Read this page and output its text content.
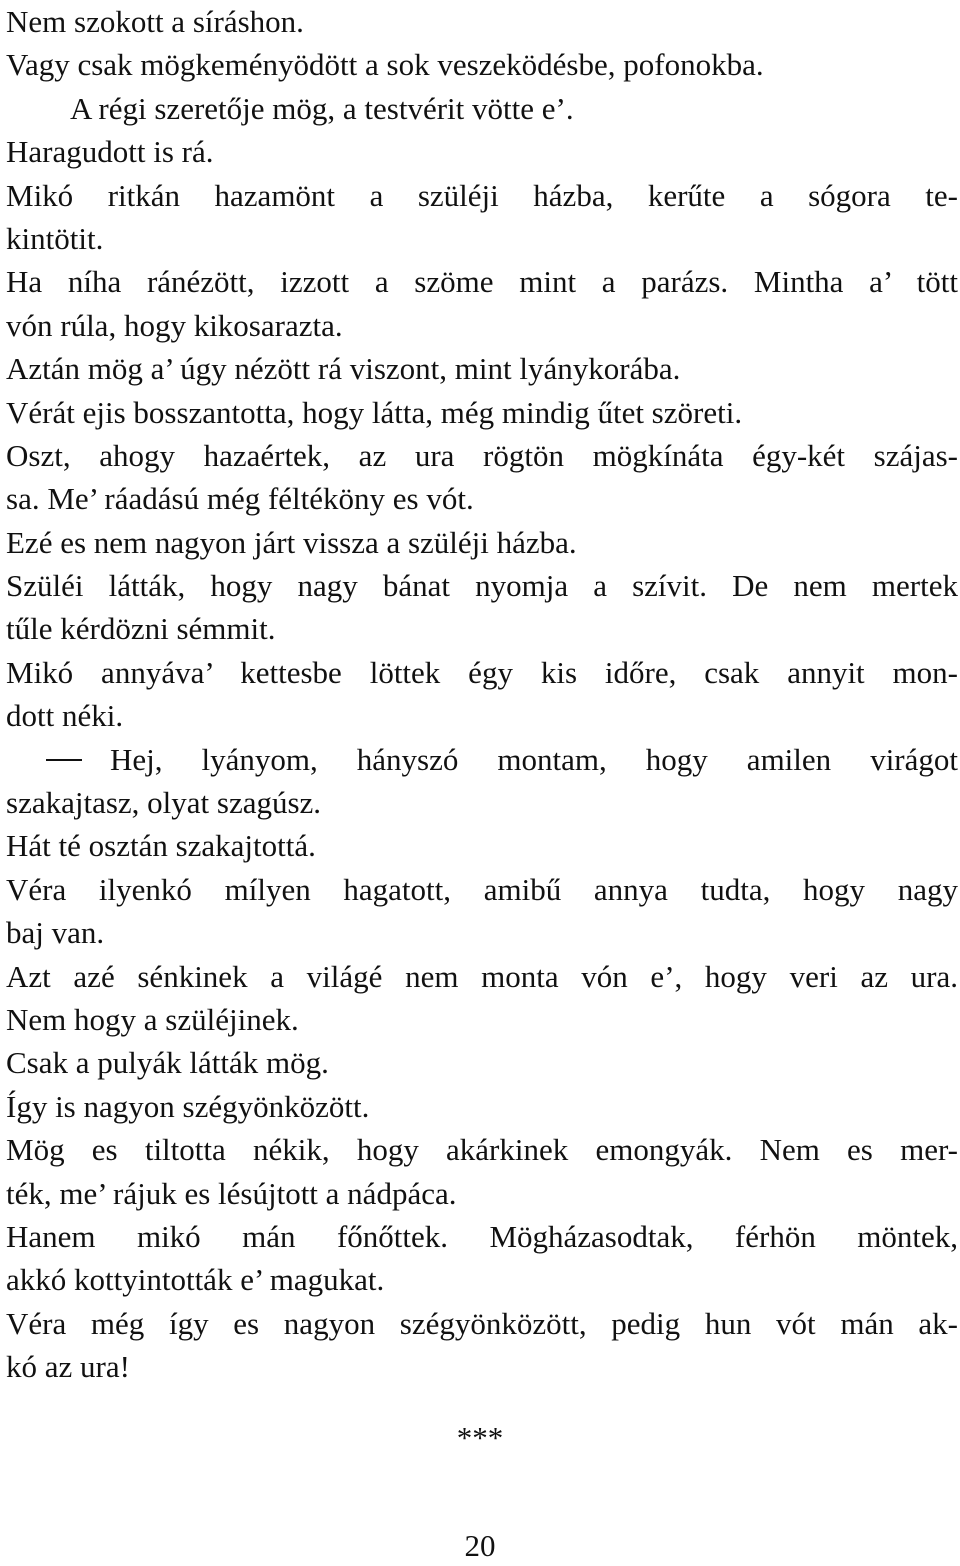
Nem szokott a síráshon.
Vagy csak mögkeményödött a sok veszeködésbe, pofonokba.
A régi szeretője mög, a testvérit vötte e’.
Haragudott is rá.
Mikó ritkán hazamönt a szüléji házba, kerűte a sógora te-
kintötit.
Ha níha ránézött, izzott a szöme mint a parázs. Mintha a’ tött
vón rúla, hogy kikosarazta.
Aztán mög a’ úgy nézött rá viszont, mint lyánykorába.
Vérát ejis bosszantotta, hogy látta, még mindig űtet szöreti.
Oszt, ahogy hazaértek, az ura rögtön mögkínáta égy-két szájas-
sa. Me’ ráadású még féltéköny es vót.
Ezé es nem nagyon járt vissza a szüléji házba.
Szüléi látták, hogy nagy bánat nyomja a szívit. De nem mertek
tűle kérdözni sémmit.
Mikó annyáva’ kettesbe löttek égy kis időre, csak annyit mon-
dott néki.
Hej, lyányom, hányszó montam, hogy amilen virágot
szakajtasz, olyat szagúsz.
Hát té osztán szakajtottá.
Véra ilyenkó mílyen hagatott, amibű annya tudta, hogy nagy
baj van.
Azt azé sénkinek a világé nem monta vón e’, hogy veri az ura.
Nem hogy a szüléjinek.
Csak a pulyák látták mög.
Így is nagyon szégyönközött.
Mög es tiltotta nékik, hogy akárkinek emongyák. Nem es mer-
ték, me’ rájuk es lésújtott a nádpáca.
Hanem mikó mán főnőttek. Mögházasodtak, férhön möntek,
akkó kottyintották e’ magukat.
Véra még így es nagyon szégyönközött, pedig hun vót mán ak-
kó az ura!
***
20
